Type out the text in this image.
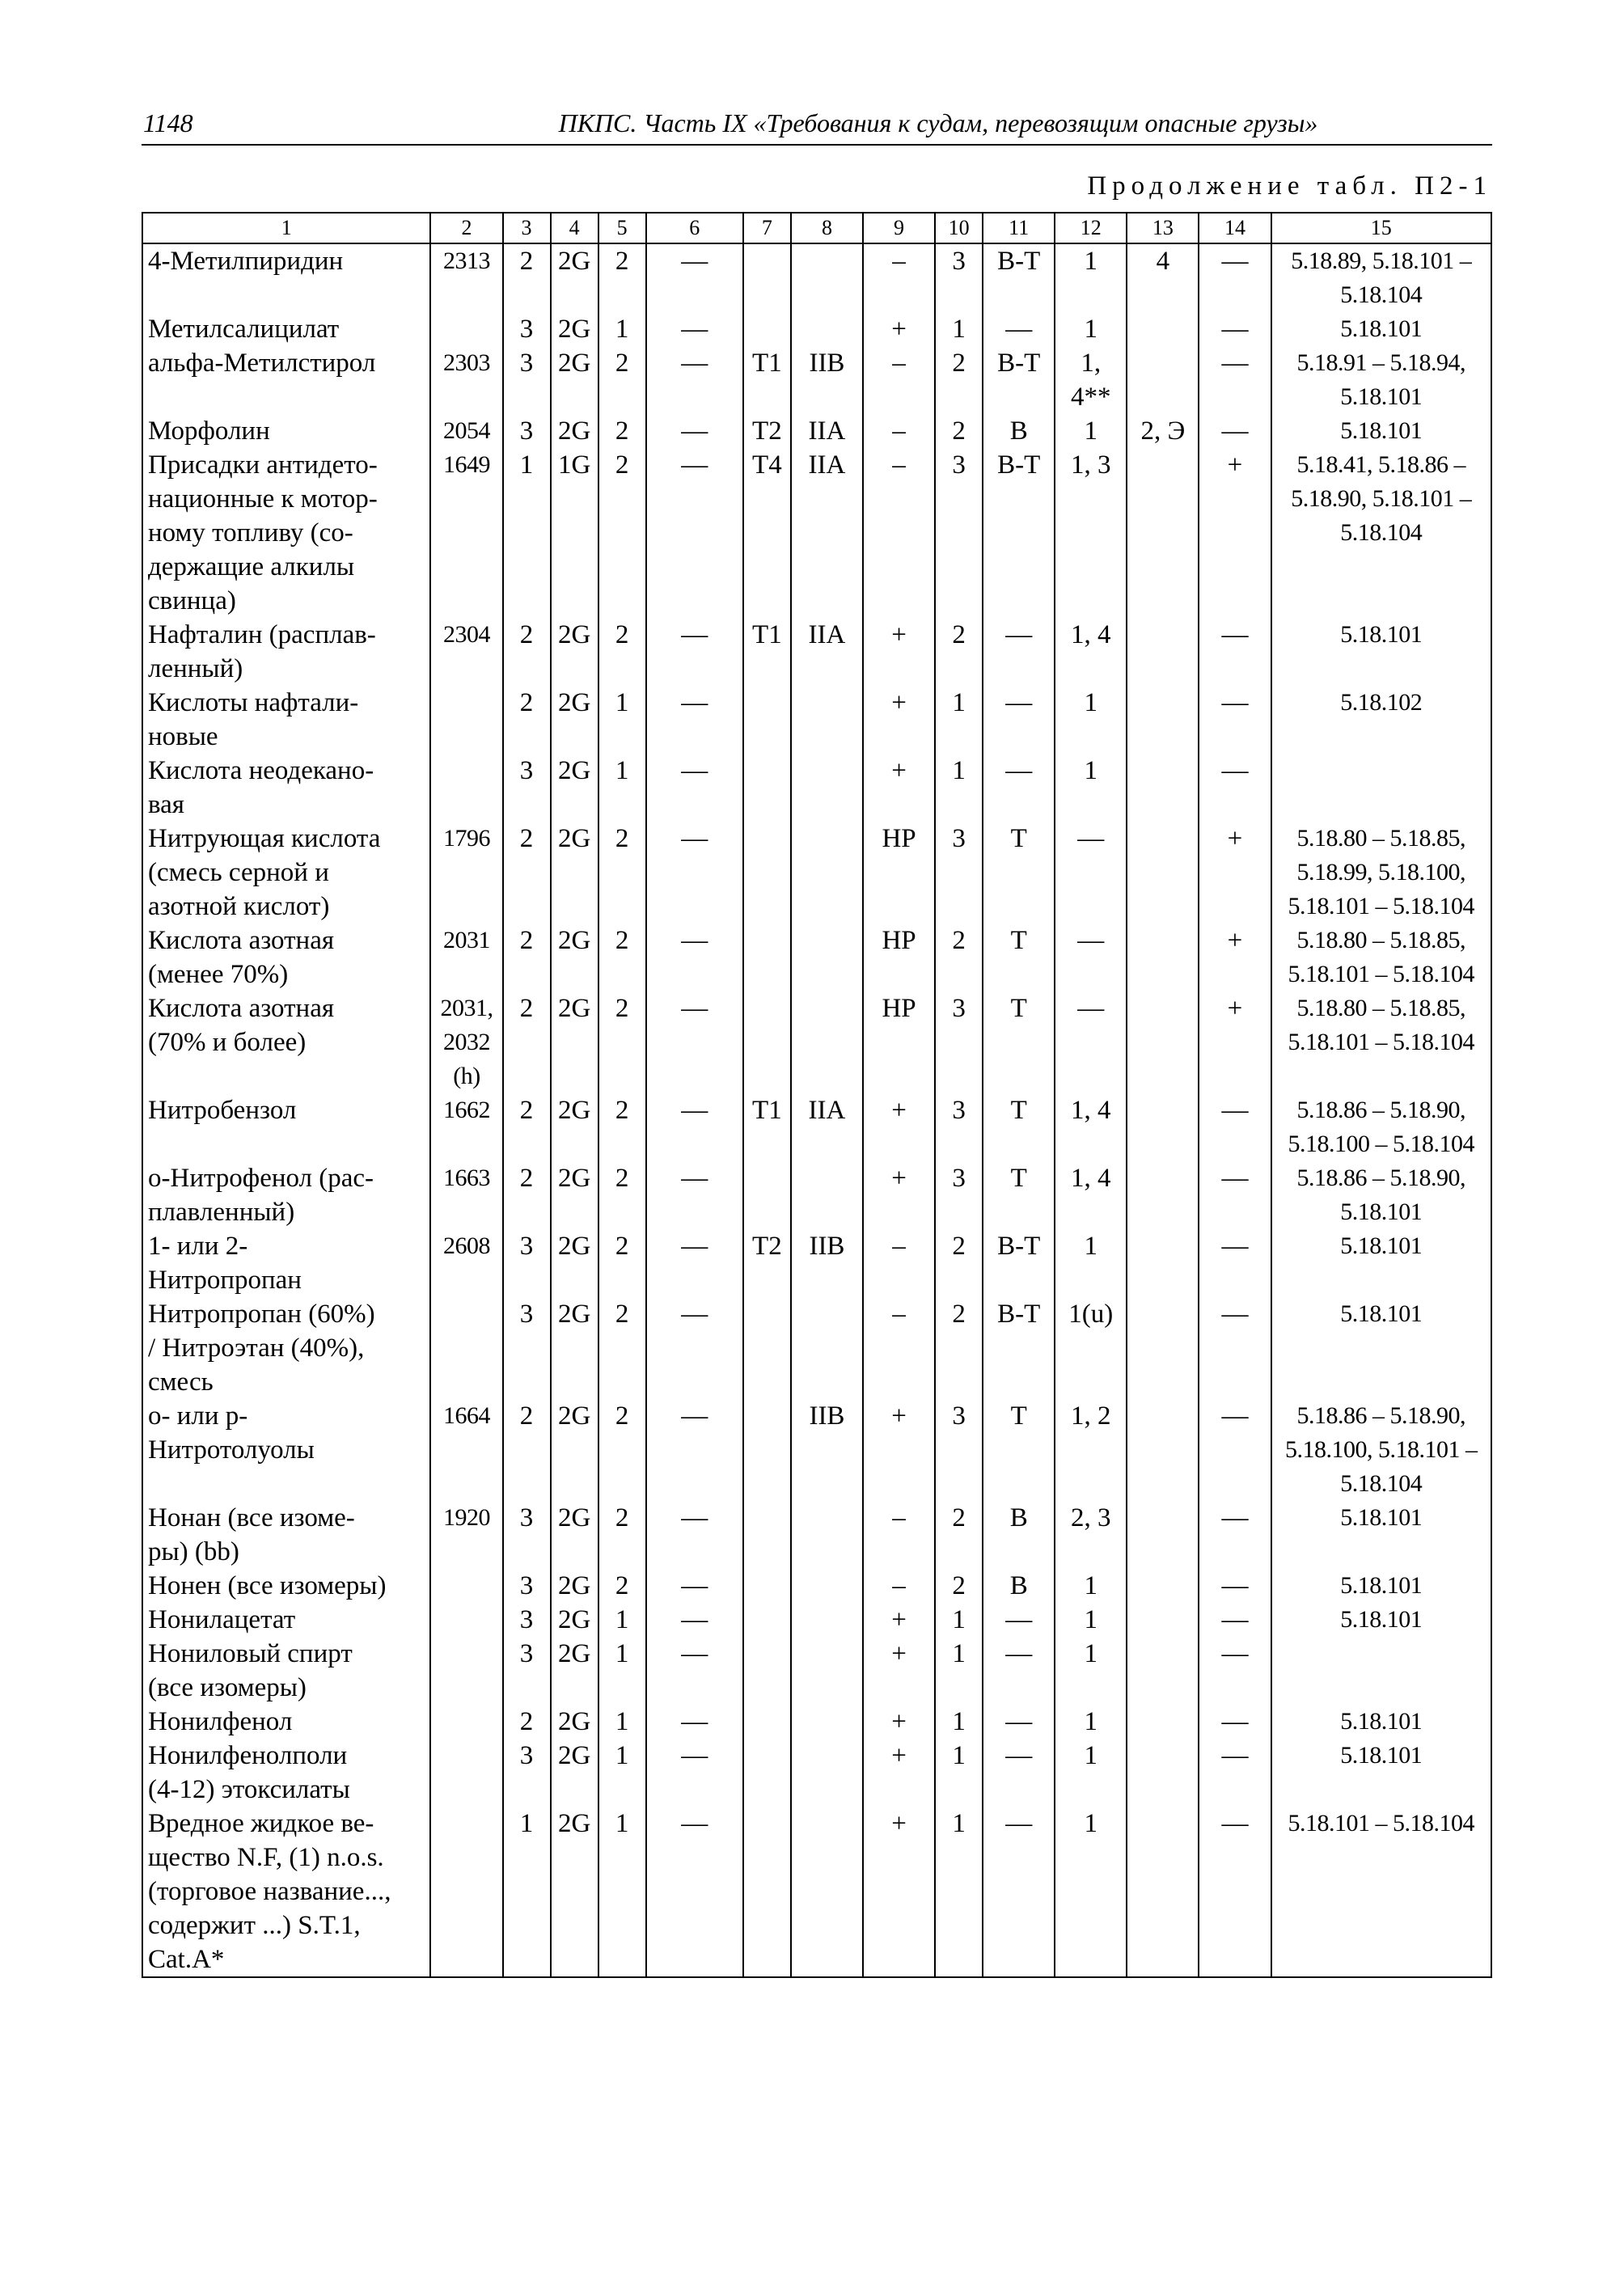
1148	ПКПС. Часть IX «Требования к судам, перевозящим опасные грузы»
Продолжение табл. П2-1
1	2	3	4	5	6	7	8	9	10	11	12	13	14	15
4-Метилпиридин	2313	2	2G	2	—			–	3	В-Т	1	4	—	5.18.89, 5.18.101 –
5.18.104
Метилсалицилат		3	2G	1	—			+	1	—	1		—	5.18.101
альфа-Метилстирол	2303	3	2G	2	—	Т1	IIВ	–	2	В-Т	1,
4**		—	5.18.91 – 5.18.94,
5.18.101
Морфолин	2054	3	2G	2	—	Т2	IIА	–	2	В	1	2, Э	—	5.18.101
Присадки антидето-
национные к мотор-
ному топливу (со-
держащие алкилы
свинца)	1649	1	1G	2	—	Т4	IIА	–	3	В-Т	1, 3		+	5.18.41, 5.18.86 –
5.18.90, 5.18.101 –
5.18.104
Нафталин (расплав-
ленный)	2304	2	2G	2	—	Т1	IIА	+	2	—	1, 4		—	5.18.101
Кислоты нафтали-
новые		2	2G	1	—			+	1	—	1		—	5.18.102
Кислота неодекано-
вая		3	2G	1	—			+	1	—	1		—	
Нитрующая кислота
(смесь серной и
азотной кислот)	1796	2	2G	2	—			НР	3	Т	—		+	5.18.80 – 5.18.85,
5.18.99, 5.18.100,
5.18.101 – 5.18.104
Кислота азотная
(менее 70%)	2031	2	2G	2	—			НР	2	Т	—		+	5.18.80 – 5.18.85,
5.18.101 – 5.18.104
Кислота азотная
(70% и более)	2031,
2032
(h)	2	2G	2	—			НР	3	Т	—		+	5.18.80 – 5.18.85,
5.18.101 – 5.18.104
Нитробензол	1662	2	2G	2	—	Т1	IIА	+	3	Т	1, 4		—	5.18.86 – 5.18.90,
5.18.100 – 5.18.104
о-Нитрофенол (рас-
плавленный)	1663	2	2G	2	—			+	3	Т	1, 4		—	5.18.86 – 5.18.90,
5.18.101
1- или 2-
Нитропропан	2608	3	2G	2	—	Т2	IIВ	–	2	В-Т	1		—	5.18.101
Нитропропан (60%)
/ Нитроэтан (40%),
смесь		3	2G	2	—			–	2	В-Т	1(u)		—	5.18.101
о- или р-
Нитротолуолы	1664	2	2G	2	—		IIВ	+	3	Т	1, 2		—	5.18.86 – 5.18.90,
5.18.100, 5.18.101 –
5.18.104
Нонан (все изоме-
ры) (bb)	1920	3	2G	2	—			–	2	В	2, 3		—	5.18.101
Нонен (все изомеры)		3	2G	2	—			–	2	В	1		—	5.18.101
Нонилацетат		3	2G	1	—			+	1	—	1		—	5.18.101
Нониловый спирт
(все изомеры)		3	2G	1	—			+	1	—	1		—	
Нонилфенол		2	2G	1	—			+	1	—	1		—	5.18.101
Нонилфенолполи
(4-12) этоксилаты		3	2G	1	—			+	1	—	1		—	5.18.101
Вредное жидкое ве-
щество N.F, (1) n.o.s.
(торговое название...,
содержит ...) S.T.1,
Cat.A*		1	2G	1	—			+	1	—	1		—	5.18.101 – 5.18.104
